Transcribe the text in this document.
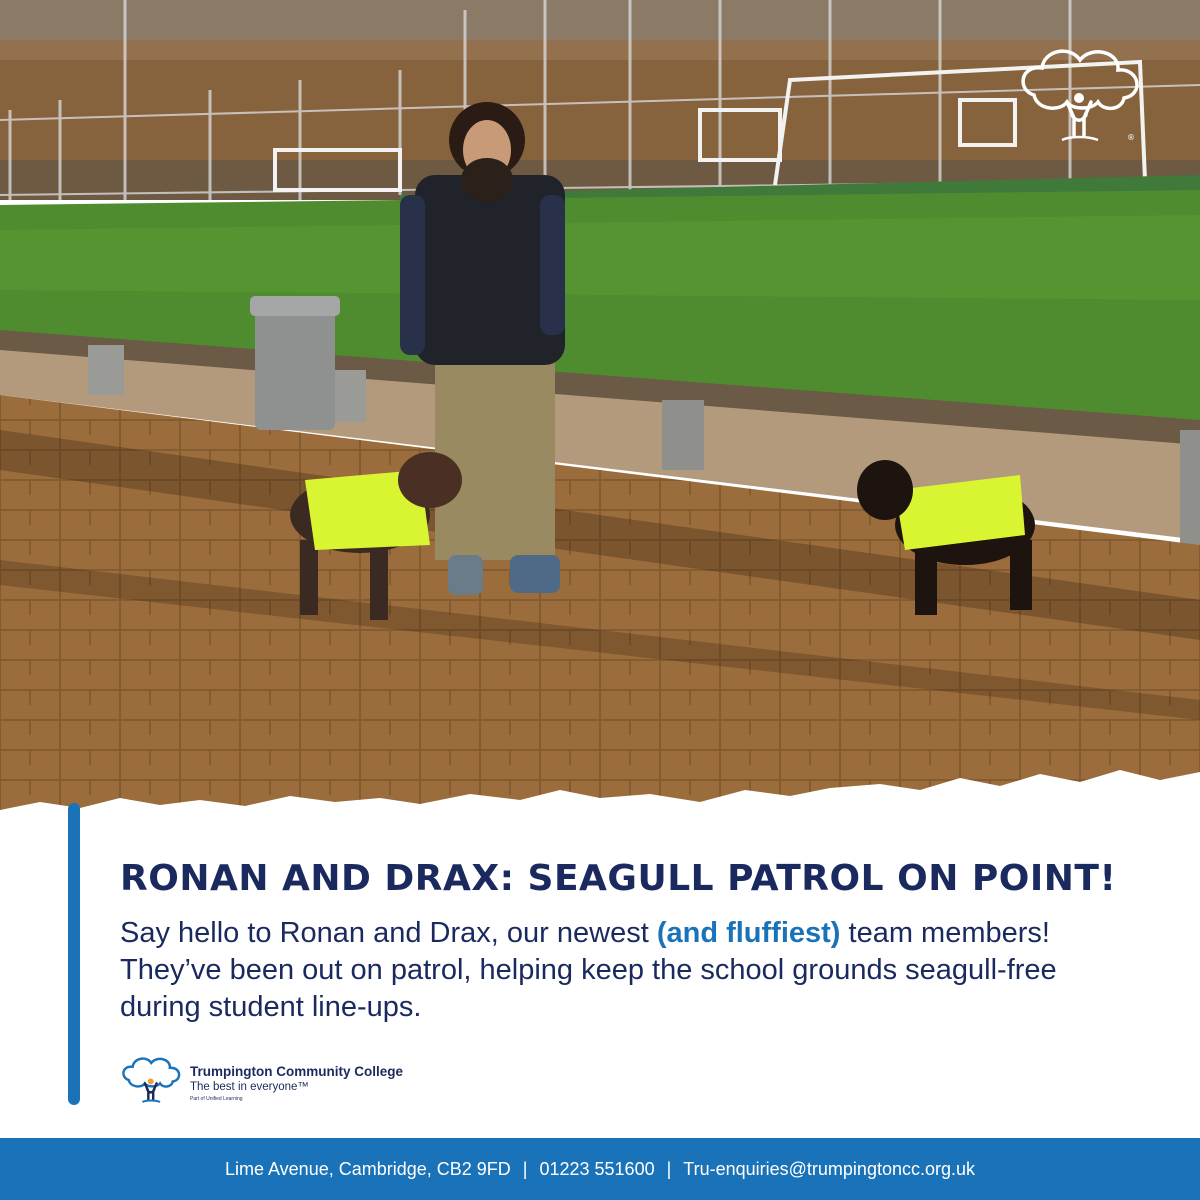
®
RONAN AND DRAX: SEAGULL PATROL ON POINT!
Say hello to Ronan and Drax, our newest (and fluffiest) team members! They’ve been out on patrol, helping keep the school grounds seagull-free during student line-ups.
Trumpington Community College
The best in everyone™
Part of Unified Learning
Lime Avenue, Cambridge, CB2 9FD | 01223 551600 | Tru-enquiries@trumpingtoncc.org.uk
